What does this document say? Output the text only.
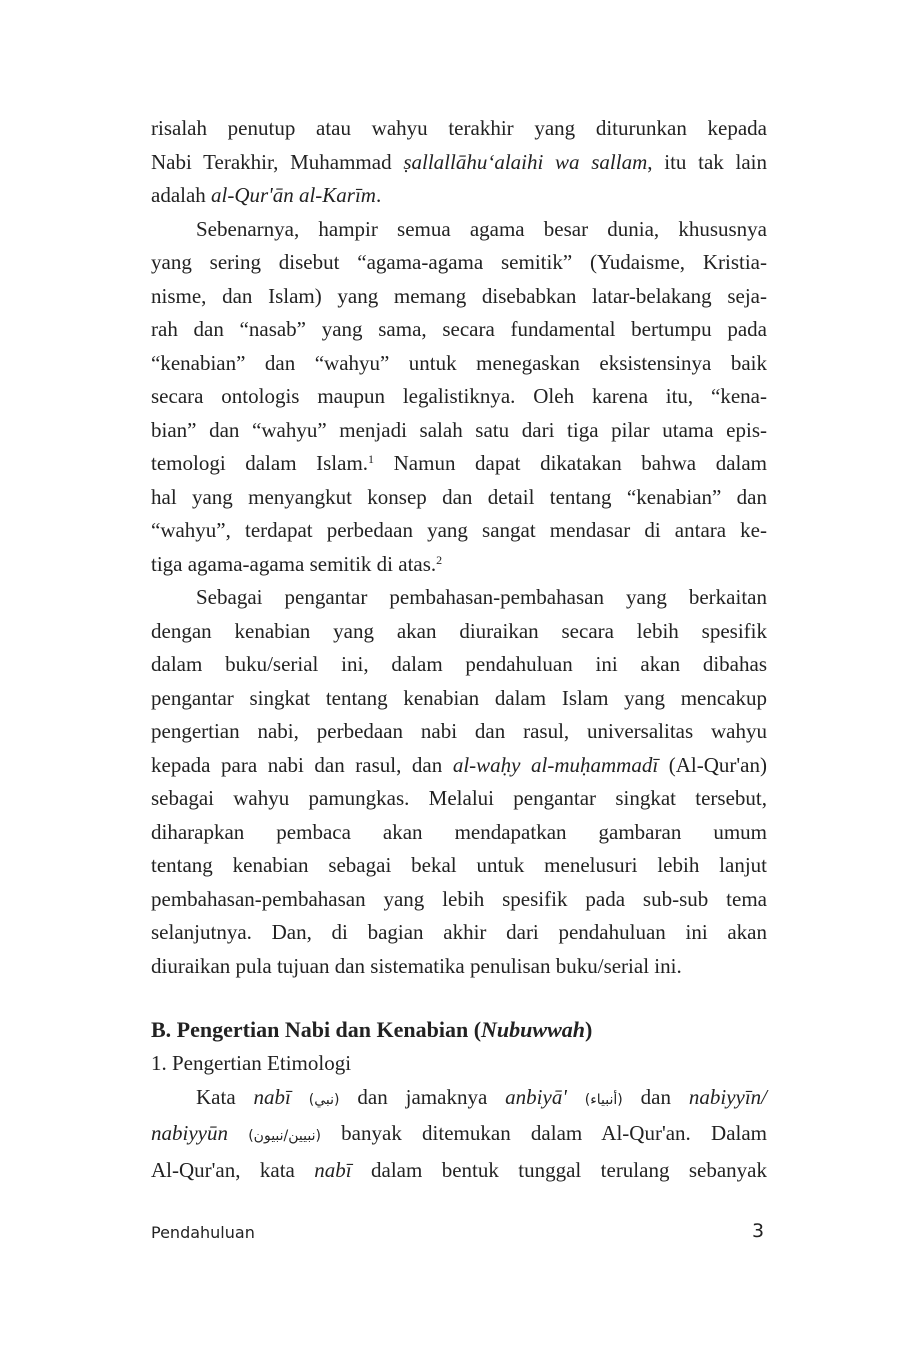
risalah penutup atau wahyu terakhir yang diturunkan kepada
Nabi Terakhir, Muhammad ṣallallāhu‘alaihi wa sallam, itu tak lain
adalah al-Qur'ān al-Karīm.

Sebenarnya, hampir semua agama besar dunia, khususnya
yang sering disebut “agama-agama semitik” (Yudaisme, Kristia-
nisme, dan Islam) yang memang disebabkan latar-belakang seja-
rah dan “nasab” yang sama, secara fundamental bertumpu pada
“kenabian” dan “wahyu” untuk menegaskan eksistensinya baik
secara ontologis maupun legalistiknya. Oleh karena itu, “kena-
bian” dan “wahyu” menjadi salah satu dari tiga pilar utama epis-
temologi dalam Islam.$^1$ Namun dapat dikatakan bahwa dalam
hal yang menyangkut konsep dan detail tentang “kenabian” dan
“wahyu”, terdapat perbedaan yang sangat mendasar di antara ke-
tiga agama-agama semitik di atas.$^2$

Sebagai pengantar pembahasan-pembahasan yang berkaitan
dengan kenabian yang akan diuraikan secara lebih spesifik
dalam buku/serial ini, dalam pendahuluan ini akan dibahas
pengantar singkat tentang kenabian dalam Islam yang mencakup
pengertian nabi, perbedaan nabi dan rasul, universalitas wahyu
kepada para nabi dan rasul, dan al-waḥy al-muḥammadī (Al-Qur'an)
sebagai wahyu pamungkas. Melalui pengantar singkat tersebut,
diharapkan pembaca akan mendapatkan gambaran umum
tentang kenabian sebagai bekal untuk menelusuri lebih lanjut
pembahasan-pembahasan yang lebih spesifik pada sub-sub tema
selanjutnya. Dan, di bagian akhir dari pendahuluan ini akan
diuraikan pula tujuan dan sistematika penulisan buku/serial ini.

B. Pengertian Nabi dan Kenabian (Nubuwwah)

1. Pengertian Etimologi

Kata nabī (نبي) dan jamaknya anbiyā' (أنبياء) dan nabiyyīn/
nabiyyūn (نبيين/نبيون) banyak ditemukan dalam Al-Qur'an. Dalam
Al-Qur'an, kata nabī dalam bentuk tunggal terulang sebanyak

Pendahuluan	3
